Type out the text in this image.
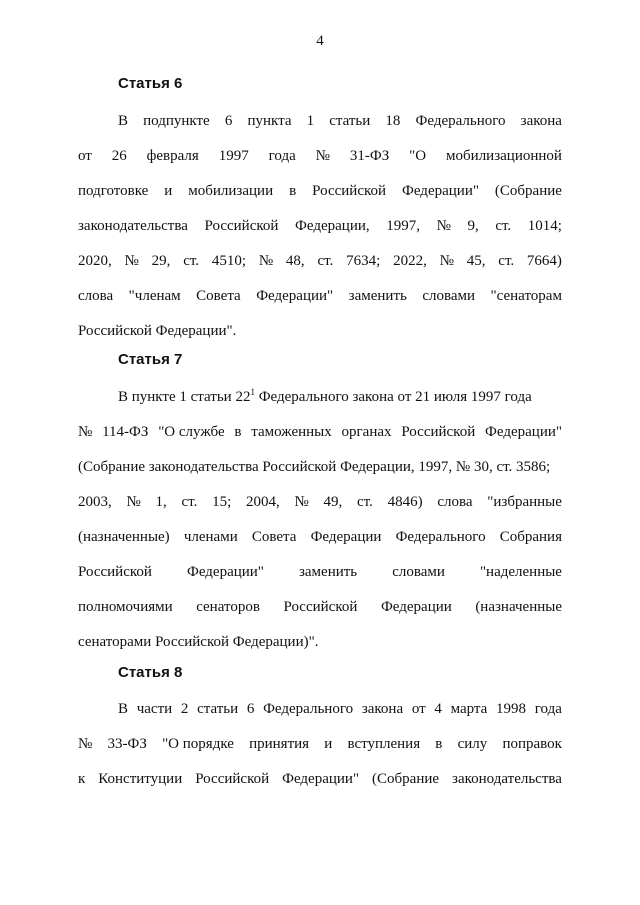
4
Статья 6
В подпункте 6 пункта 1 статьи 18 Федерального закона
от 26 февраля 1997 года № 31-ФЗ "О мобилизационной
подготовке и мобилизации в Российской Федерации" (Собрание
законодательства Российской Федерации, 1997, № 9, ст. 1014;
2020, № 29, ст. 4510; № 48, ст. 7634; 2022, № 45, ст. 7664)
слова "членам Совета Федерации" заменить словами "сенаторам
Российской Федерации".
Статья 7
В пункте 1 статьи $22^1$ Федерального закона от 21 июля 1997 года
№ 114-ФЗ "О службе в таможенных органах Российской Федерации"
(Собрание законодательства Российской Федерации, 1997, № 30, ст. 3586;
2003, № 1, ст. 15; 2004, № 49, ст. 4846) слова "избранные
(назначенные) членами Совета Федерации Федерального Собрания
Российской Федерации" заменить словами "наделенные
полномочиями сенаторов Российской Федерации (назначенные
сенаторами Российской Федерации)".
Статья 8
В части 2 статьи 6 Федерального закона от 4 марта 1998 года
№ 33-ФЗ "О порядке принятия и вступления в силу поправок
к Конституции Российской Федерации" (Собрание законодательства
